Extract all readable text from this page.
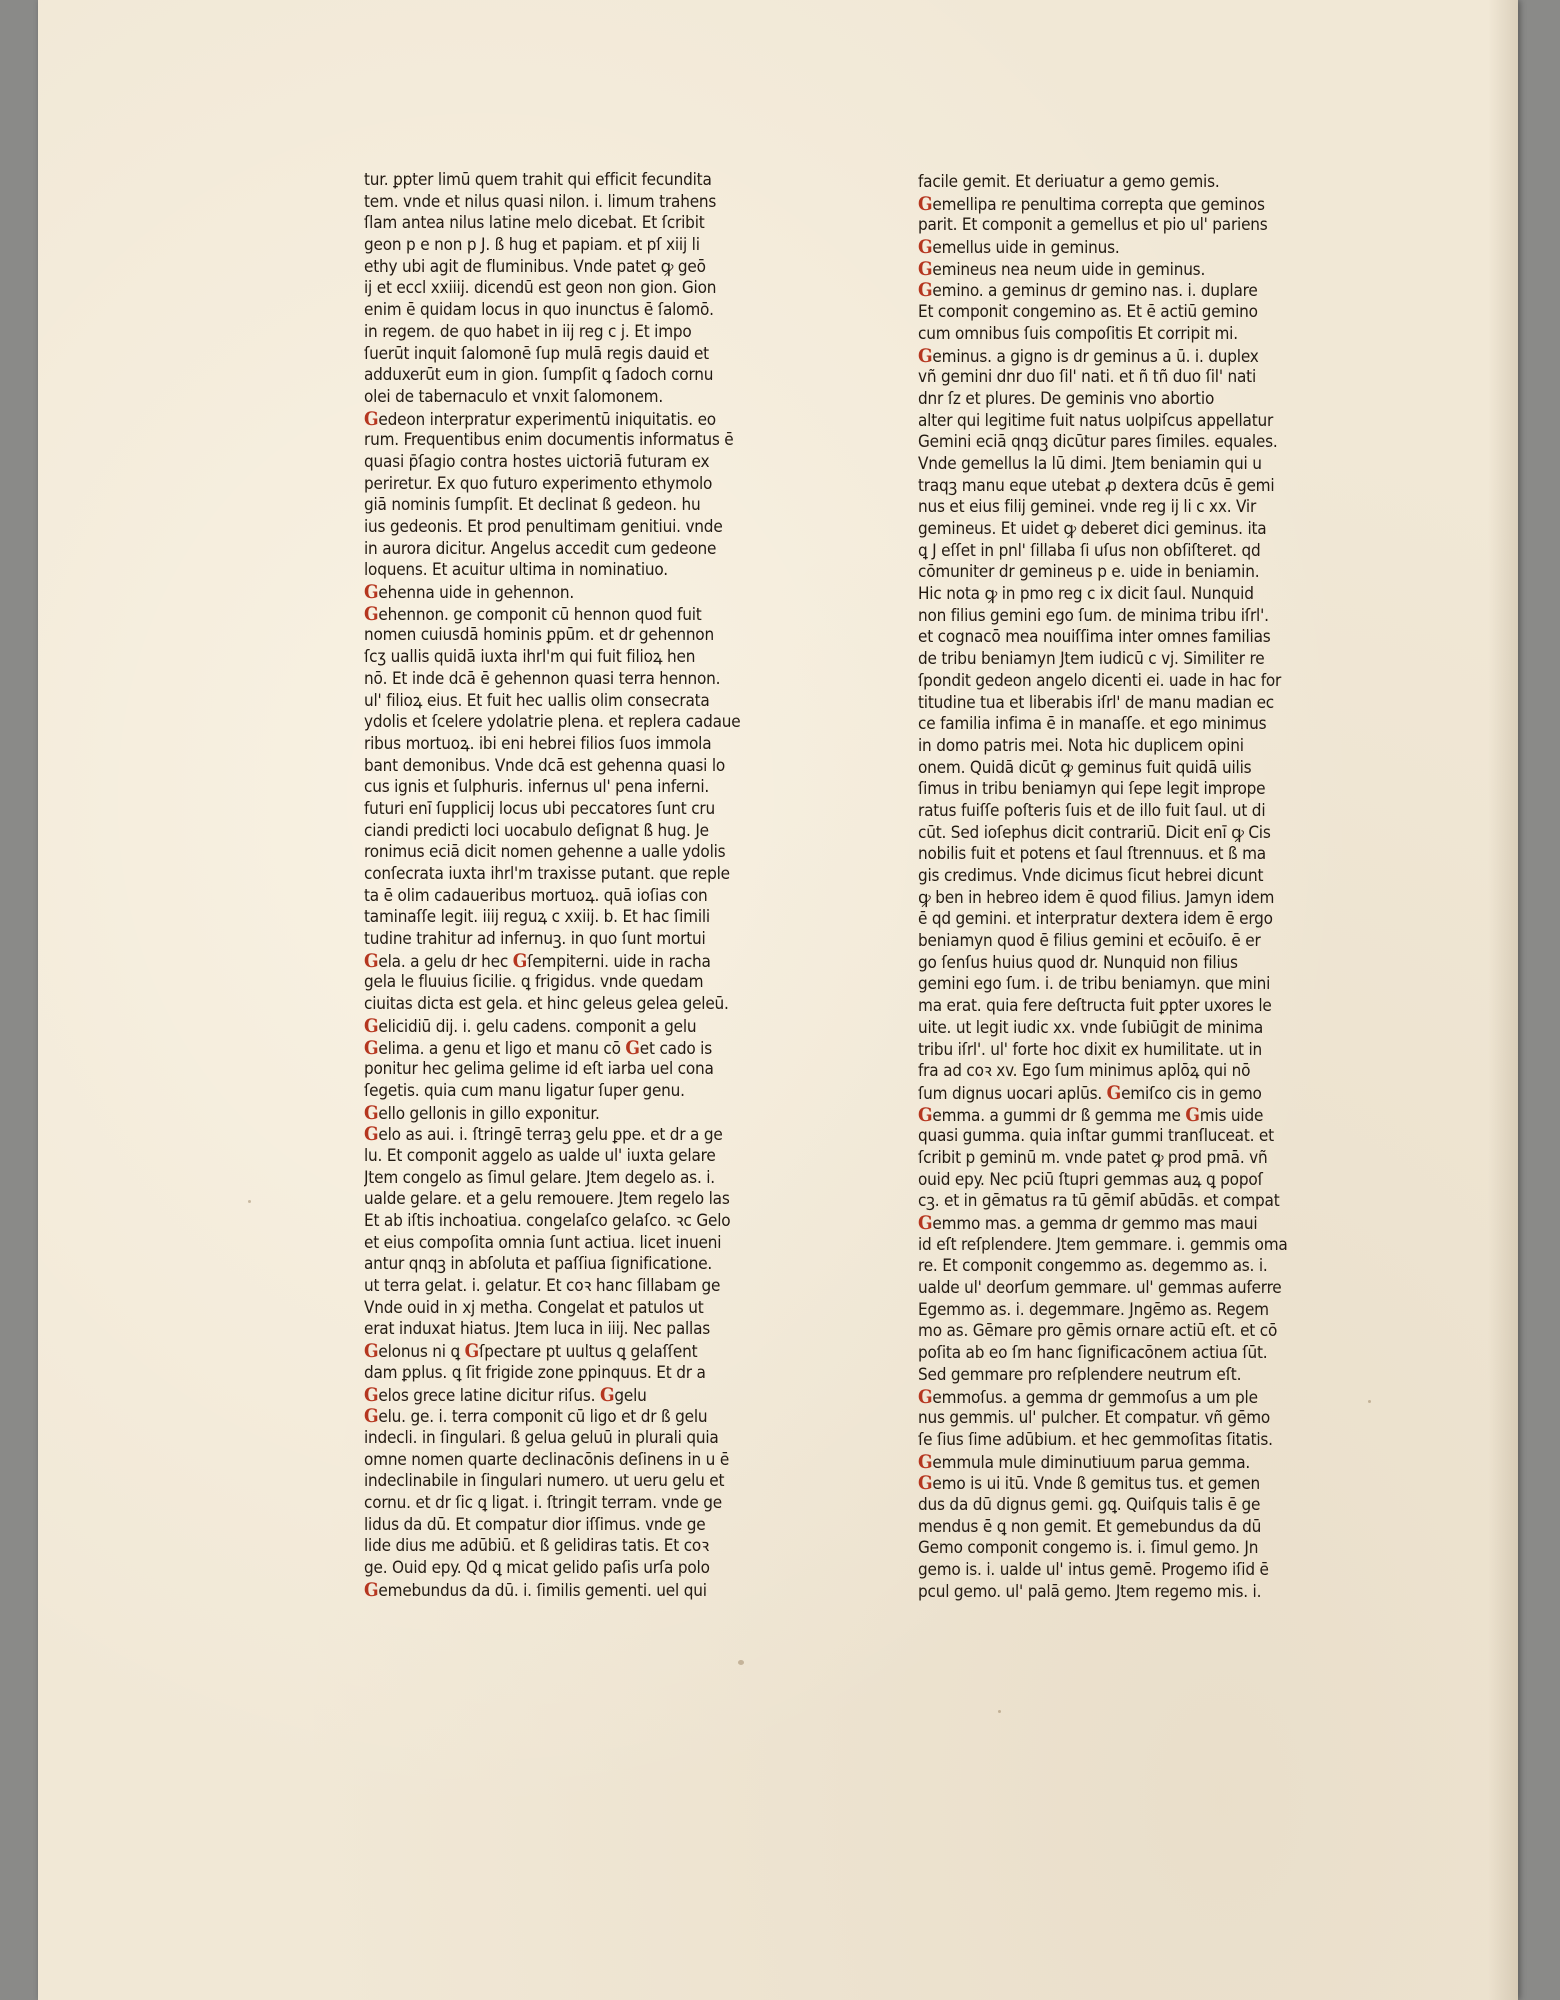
tur. ꝑpter limū quem trahit qui efficit fecundita
tem. vnde et nilus quasi nilon. i. limum trahens
ſlam antea nilus latine melo dicebat. Et ſcribit
geon p e non p J. ß hug et papiam. et pſ xiij li
ethy ubi agit de fluminibus. Vnde patet ꝙ geō
ij et eccl xxiiij. dicendū est geon non gion. Gion
enim ē quidam locus in quo inunctus ē ſalomō.
in regem. de quo habet in iij reg c j. Et impo
ſuerūt inquit ſalomonē ſup mulā regis dauid et
adduxerūt eum in gion. ſumpſit ꝗ ſadoch cornu
olei de tabernaculo et vnxit ſalomonem.
Gedeon interpratur experimentū iniquitatis. eo
rum. Frequentibus enim documentis informatus ē
quasi p̄ſagio contra hostes uictoriā futuram ex
periretur. Ex quo futuro experimento ethymolo
giā nominis ſumpſit. Et declinat ß gedeon. hu
ius gedeonis. Et prod penultimam genitiui. vnde
in aurora dicitur. Angelus accedit cum gedeone
loquens. Et acuitur ultima in nominatiuo.
Gehenna uide in gehennon.
Gehennon. ge componit cū hennon quod fuit
nomen cuiusdā hominis ꝑpūm. et dr gehennon
ſcʒ uallis quidā iuxta ihrl'm qui fuit filioꝝ hen
nō. Et inde dcā ē gehennon quasi terra hennon.
ul' filioꝝ eius. Et fuit hec uallis olim consecrata
ydolis et ſcelere ydolatrie plena. et replera cadaue
ribus mortuoꝝ. ibi eni hebrei filios ſuos immola
bant demonibus. Vnde dcā est gehenna quasi lo
cus ignis et ſulphuris. infernus ul' pena inferni.
futuri enī ſupplicij locus ubi peccatores ſunt cru
ciandi predicti loci uocabulo deſignat ß hug. Je
ronimus eciā dicit nomen gehenne a ualle ydolis
conſecrata iuxta ihrl'm traxisse putant. que reple
ta ē olim cadaueribus mortuoꝝ. quā ioſias con
taminaſſe legit. iiij reguꝝ c xxiij. b. Et hac ſimili
tudine trahitur ad infernuꝫ. in quo ſunt mortui
Gela. a gelu dr hec Gſempiterni. uide in racha
gela le fluuius ſicilie. ꝗ frigidus. vnde quedam
ciuitas dicta est gela. et hinc geleus gelea geleū.
Gelicidiū dij. i. gelu cadens. componit a gelu
Gelima. a genu et ligo et manu cō Get cado is
ponitur hec gelima gelime id eſt iarba uel cona
ſegetis. quia cum manu ligatur ſuper genu.
Gello gellonis in gillo exponitur.
Gelo as aui. i. ſtringē terraꝫ gelu ꝑpe. et dr a ge
lu. Et componit aggelo as ualde ul' iuxta gelare
Jtem congelo as ſimul gelare. Jtem degelo as. i.
ualde gelare. et a gelu remouere. Jtem regelo las
Et ab iſtis inchoatiua. congelaſco gelaſco. ꝛc Gelo
et eius compoſita omnia ſunt actiua. licet inueni
antur qnqꝫ in abſoluta et paſſiua ſignificatione.
ut terra gelat. i. gelatur. Et coꝛ hanc ſillabam ge
Vnde ouid in xj metha. Congelat et patulos ut
erat induxat hiatus. Jtem luca in iiij. Nec pallas
Gelonus ni ꝗ Gſpectare pt uultus ꝗ gelaſſent
dam ꝑplus. ꝗ ſit frigide zone ꝑpinquus. Et dr a
Gelos grece latine dicitur riſus. Ggelu
Gelu. ge. i. terra componit cū ligo et dr ß gelu
indecli. in ſingulari. ß gelua geluū in plurali quia
omne nomen quarte declinacōnis deſinens in u ē
indeclinabile in ſingulari numero. ut ueru gelu et
cornu. et dr ſic ꝗ ligat. i. ſtringit terram. vnde ge
lidus da dū. Et compatur dior iſſimus. vnde ge
lide dius me adūbiū. et ß gelidiras tatis. Et coꝛ
ge. Ouid epy. Qd ꝗ micat gelido paſis urſa polo
Gemebundus da dū. i. ſimilis gementi. uel qui
facile gemit. Et deriuatur a gemo gemis.
Gemellipa re penultima correpta que geminos
parit. Et componit a gemellus et pio ul' pariens
Gemellus uide in geminus.
Gemineus nea neum uide in geminus.
Gemino. a geminus dr gemino nas. i. duplare
Et componit congemino as. Et ē actiū gemino
cum omnibus ſuis compoſitis Et corripit mi.
Geminus. a gigno is dr geminus a ū. i. duplex
vñ gemini dnr duo ſil' nati. et ñ tñ duo ſil' nati
dnr ſz et plures. De geminis vno abortio
alter qui legitime fuit natus uolpiſcus appellatur
Gemini eciā qnqꝫ dicūtur pares ſimiles. equales.
Vnde gemellus la lū dimi. Jtem beniamin qui u
traqꝫ manu eque utebat ꝓ dextera dcūs ē gemi
nus et eius filij geminei. vnde reg ij li c xx. Vir
gemineus. Et uidet ꝙ deberet dici geminus. ita
ꝗ J eſſet in pnl' ſillaba ſi uſus non obſiſteret. qd
cōmuniter dr gemineus p e. uide in beniamin.
Hic nota ꝙ in pmo reg c ix dicit ſaul. Nunquid
non filius gemini ego ſum. de minima tribu iſrl'.
et cognacō mea nouiſſima inter omnes familias
de tribu beniamyn Jtem iudicū c vj. Similiter re
ſpondit gedeon angelo dicenti ei. uade in hac for
titudine tua et liberabis iſrl' de manu madian ec
ce familia infima ē in manaſſe. et ego minimus
in domo patris mei. Nota hic duplicem opini
onem. Quidā dicūt ꝙ geminus fuit quidā uilis
ſimus in tribu beniamyn qui ſepe legit imprope
ratus fuiſſe poſteris ſuis et de illo fuit ſaul. ut di
cūt. Sed ioſephus dicit contrariū. Dicit enī ꝙ Cis
nobilis fuit et potens et ſaul ſtrennuus. et ß ma
gis credimus. Vnde dicimus ſicut hebrei dicunt
ꝙ ben in hebreo idem ē quod filius. Jamyn idem
ē qd gemini. et interpratur dextera idem ē ergo
beniamyn quod ē filius gemini et ecōuiſo. ē er
go ſenſus huius quod dr. Nunquid non filius
gemini ego ſum. i. de tribu beniamyn. que mini
ma erat. quia fere deſtructa fuit ꝑpter uxores le
uite. ut legit iudic xx. vnde ſubiūgit de minima
tribu iſrl'. ul' forte hoc dixit ex humilitate. ut in
fra ad coꝛ xv. Ego ſum minimus aplōꝝ qui nō
ſum dignus uocari aplūs. Gemiſco cis in gemo
Gemma. a gummi dr ß gemma me Gmis uide
quasi gumma. quia inſtar gummi tranſluceat. et
ſcribit p geminū m. vnde patet ꝙ prod pmā. vñ
ouid epy. Nec pciū ſtupri gemmas auꝝ ꝗ popoſ
cꝫ. et in gēmatus ra tū gēmiſ abūdās. et compat
Gemmo mas. a gemma dr gemmo mas maui
id eſt reſplendere. Jtem gemmare. i. gemmis oma
re. Et componit congemmo as. degemmo as. i.
ualde ul' deorſum gemmare. ul' gemmas auferre
Egemmo as. i. degemmare. Jngēmo as. Regem
mo as. Gēmare pro gēmis ornare actiū eſt. et cō
poſita ab eo ſm hanc ſignificacōnem actiua ſūt.
Sed gemmare pro reſplendere neutrum eſt.
Gemmoſus. a gemma dr gemmoſus a um ple
nus gemmis. ul' pulcher. Et compatur. vñ gēmo
ſe ſius ſime adūbium. et hec gemmoſitas ſitatis.
Gemmula mule diminutiuum parua gemma.
Gemo is ui itū. Vnde ß gemitus tus. et gemen
dus da dū dignus gemi. gꝗ. Quiſquis talis ē ge
mendus ē ꝗ non gemit. Et gemebundus da dū
Gemo componit congemo is. i. ſimul gemo. Jn
gemo is. i. ualde ul' intus gemē. Progemo iſid ē
pcul gemo. ul' palā gemo. Jtem regemo mis. i.
